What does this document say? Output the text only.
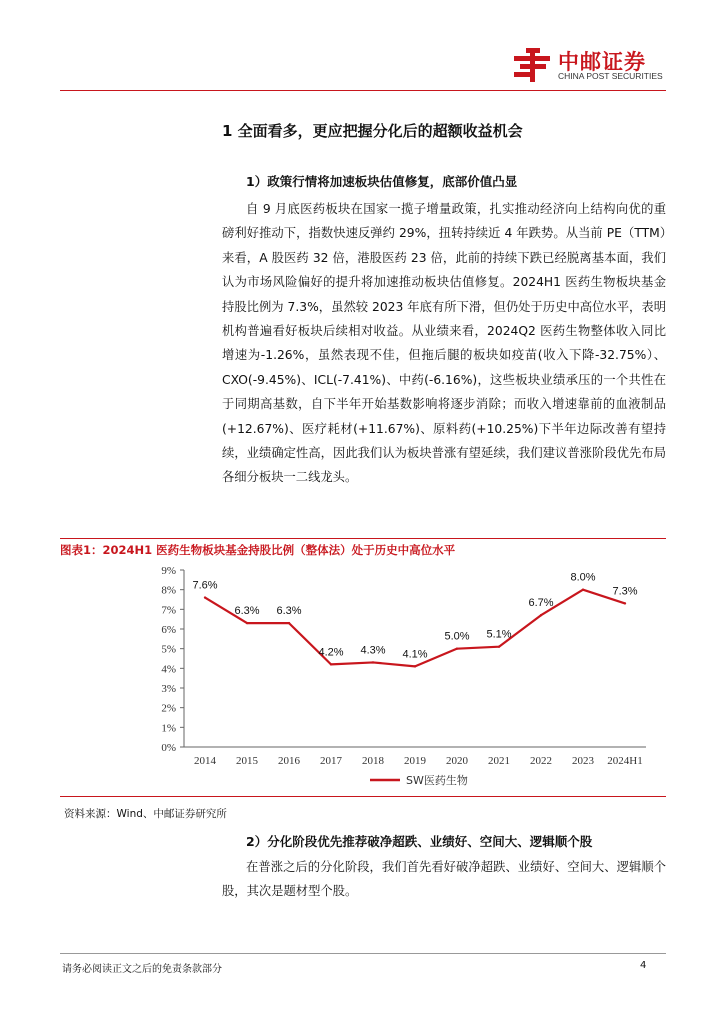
中邮证券
CHINA POST SECURITIES
1 全面看多，更应把握分化后的超额收益机会
1）政策行情将加速板块估值修复，底部价值凸显

自 9 月底医药板块在国家一揽子增量政策，扎实推动经济向上结构向优的重磅利好推动下，指数快速反弹约 29%，扭转持续近 4 年跌势。从当前 PE（TTM）来看，A 股医药 32 倍，港股医药 23 倍，此前的持续下跌已经脱离基本面，我们认为市场风险偏好的提升将加速推动板块估值修复。2024H1 医药生物板块基金持股比例为 7.3%，虽然较 2023 年底有所下滑，但仍处于历史中高位水平，表明机构普遍看好板块后续相对收益。从业绩来看，2024Q2 医药生物整体收入同比增速为-1.26%，虽然表现不佳，但拖后腿的板块如疫苗(收入下降-32.75%）、CXO(-9.45%)、ICL(-7.41%)、中药(-6.16%)，这些板块业绩承压的一个共性在于同期高基数，自下半年开始基数影响将逐步消除；而收入增速靠前的血液制品(+12.67%)、医疗耗材(+11.67%)、原料药(+10.25%)下半年边际改善有望持续，业绩确定性高，因此我们认为板块普涨有望延续，我们建议普涨阶段优先布局各细分板块一二线龙头。

图表1：2024H1 医药生物板块基金持股比例（整体法）处于历史中高位水平
0%
1%
2%
3%
4%
5%
6%
7%
8%
9%
2014 2015 2016 2017 2018 2019 2020 2021 2022 2023 2024H1
7.6%
6.3% 6.3%
4.2% 4.3% 4.1%
5.0% 5.1%
6.7%
8.0%
7.3%
SW医药生物
资料来源：Wind、中邮证券研究所
2）分化阶段优先推荐破净超跌、业绩好、空间大、逻辑顺个股

在普涨之后的分化阶段，我们首先看好破净超跌、业绩好、空间大、逻辑顺个股，其次是题材型个股。

请务必阅读正文之后的免责条款部分	4
